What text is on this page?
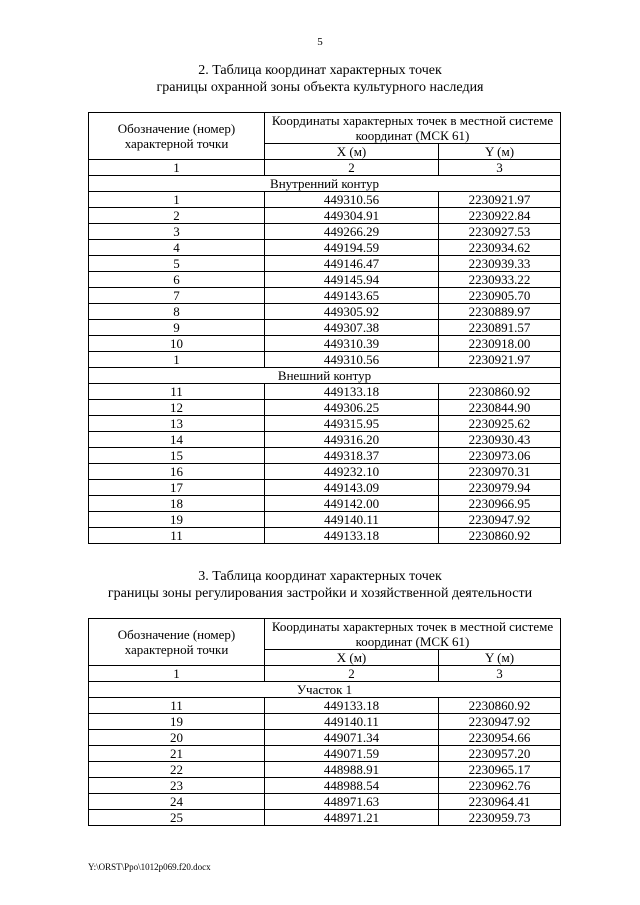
5
2. Таблица координат характерных точек
границы охранной зоны объекта культурного наследия
Обозначение (номер) характерной точки	Координаты характерных точек в местной системе координат (МСК 61)	
	X (м)	Y (м)
1	2	3
Внутренний контур		
1	449310.56	2230921.97
2	449304.91	2230922.84
3	449266.29	2230927.53
4	449194.59	2230934.62
5	449146.47	2230939.33
6	449145.94	2230933.22
7	449143.65	2230905.70
8	449305.92	2230889.97
9	449307.38	2230891.57
10	449310.39	2230918.00
1	449310.56	2230921.97
Внешний контур		
11	449133.18	2230860.92
12	449306.25	2230844.90
13	449315.95	2230925.62
14	449316.20	2230930.43
15	449318.37	2230973.06
16	449232.10	2230970.31
17	449143.09	2230979.94
18	449142.00	2230966.95
19	449140.11	2230947.92
11	449133.18	2230860.92
3. Таблица координат характерных точек
границы зоны регулирования застройки и хозяйственной деятельности
Обозначение (номер) характерной точки	Координаты характерных точек в местной системе координат (МСК 61)	
	X (м)	Y (м)
1	2	3
Участок 1		
11	449133.18	2230860.92
19	449140.11	2230947.92
20	449071.34	2230954.66
21	449071.59	2230957.20
22	448988.91	2230965.17
23	448988.54	2230962.76
24	448971.63	2230964.41
25	448971.21	2230959.73
Y:\ORST\Ppo\1012p069.f20.docx
